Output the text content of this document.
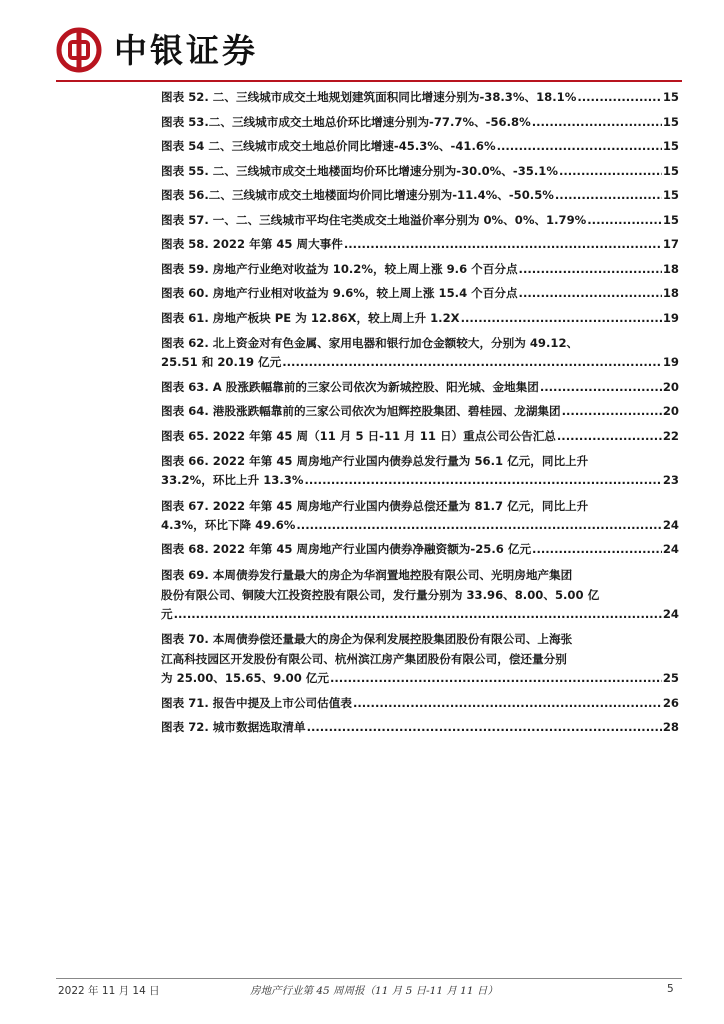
中银证券
图表 52. 二、三线城市成交土地规划建筑面积同比增速分别为-38.3%、18.1% .....	15
图表 53.二、三线城市成交土地总价环比增速分别为-77.7%、-56.8% .....	15
图表 54 二、三线城市成交土地总价同比增速-45.3%、-41.6% .....	15
图表 55. 二、三线城市成交土地楼面均价环比增速分别为-30.0%、-35.1% .....	15
图表 56.二、三线城市成交土地楼面均价同比增速分别为-11.4%、-50.5% .....	15
图表 57. 一、二、三线城市平均住宅类成交土地溢价率分别为 0%、0%、1.79% .....	15
图表 58. 2022 年第 45 周大事件 .....	17
图表 59. 房地产行业绝对收益为 10.2%，较上周上涨 9.6 个百分点 .....	18
图表 60. 房地产行业相对收益为 9.6%，较上周上涨 15.4 个百分点 .....	18
图表 61. 房地产板块 PE 为 12.86X，较上周上升 1.2X .....	19
图表 62. 北上资金对有色金属、家用电器和银行加仓金额较大，分别为 49.12、
25.51 和 20.19 亿元 .....	19
图表 63. A 股涨跌幅靠前的三家公司依次为新城控股、阳光城、金地集团 .....	20
图表 64. 港股涨跌幅靠前的三家公司依次为旭辉控股集团、碧桂园、龙湖集团 .....	20
图表 65. 2022 年第 45 周（11 月 5 日-11 月 11 日）重点公司公告汇总 .....	22
图表 66. 2022 年第 45 周房地产行业国内债券总发行量为 56.1 亿元，同比上升
33.2%，环比上升 13.3% .....	23
图表 67. 2022 年第 45 周房地产行业国内债券总偿还量为 81.7 亿元，同比上升
4.3%，环比下降 49.6% .....	24
图表 68. 2022 年第 45 周房地产行业国内债券净融资额为-25.6 亿元 .....	24
图表 69. 本周债券发行量最大的房企为华润置地控股有限公司、光明房地产集团
股份有限公司、铜陵大江投资控股有限公司，发行量分别为 33.96、8.00、5.00 亿
元 .....	24
图表 70. 本周债券偿还量最大的房企为保利发展控股集团股份有限公司、上海张
江高科技园区开发股份有限公司、杭州滨江房产集团股份有限公司，偿还量分别
为 25.00、15.65、9.00 亿元 .....	25
图表 71. 报告中提及上市公司估值表 .....	26
图表 72. 城市数据选取清单 .....	28
2022 年 11 月 14 日	房地产行业第 45 周周报（11 月 5 日-11 月 11 日）	5
